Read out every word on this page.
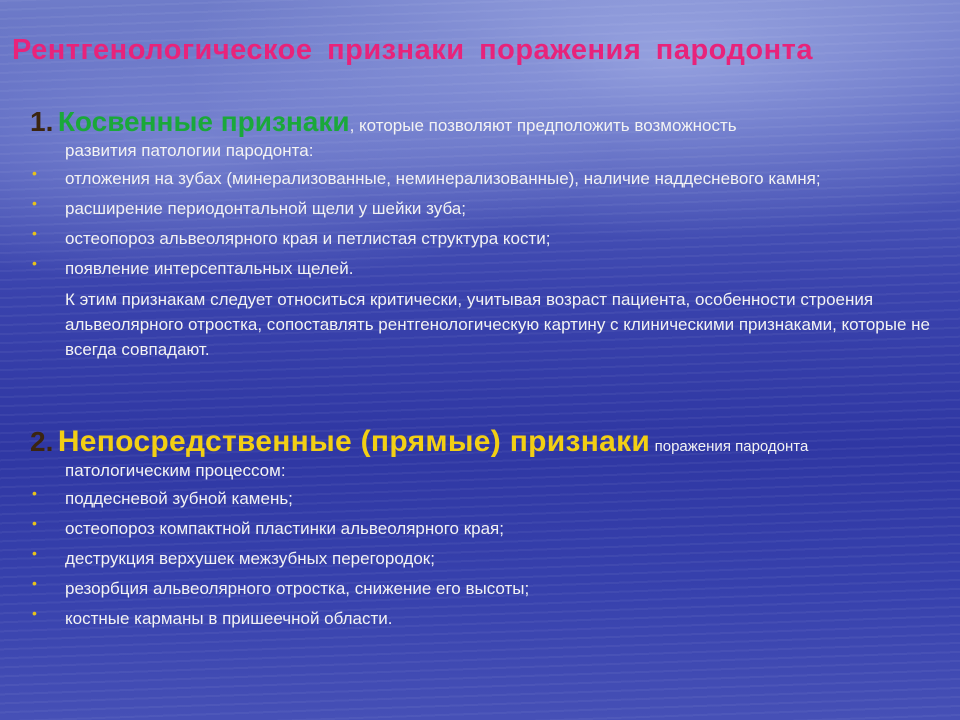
Рентгенологическое признаки поражения пародонта
1. Косвенные признаки, которые позволяют предположить возможность
развития патологии пародонта:
• отложения на зубах (минерализованные, неминерализованные), наличие наддесневого камня;
• расширение периодонтальной щели у шейки зуба;
• остеопороз альвеолярного края и петлистая структура кости;
• появление интерсептальных щелей.
К этим признакам следует относиться критически, учитывая возраст пациента, особенности строения альвеолярного отростка, сопоставлять рентгенологическую картину с клиническими признаками, которые не всегда совпадают.
2. Непосредственные (прямые) признаки поражения пародонта
патологическим процессом:
• поддесневой зубной камень;
• остеопороз компактной пластинки альвеолярного края;
• деструкция верхушек межзубных перегородок;
• резорбция альвеолярного отростка, снижение его высоты;
• костные карманы в пришеечной области.
